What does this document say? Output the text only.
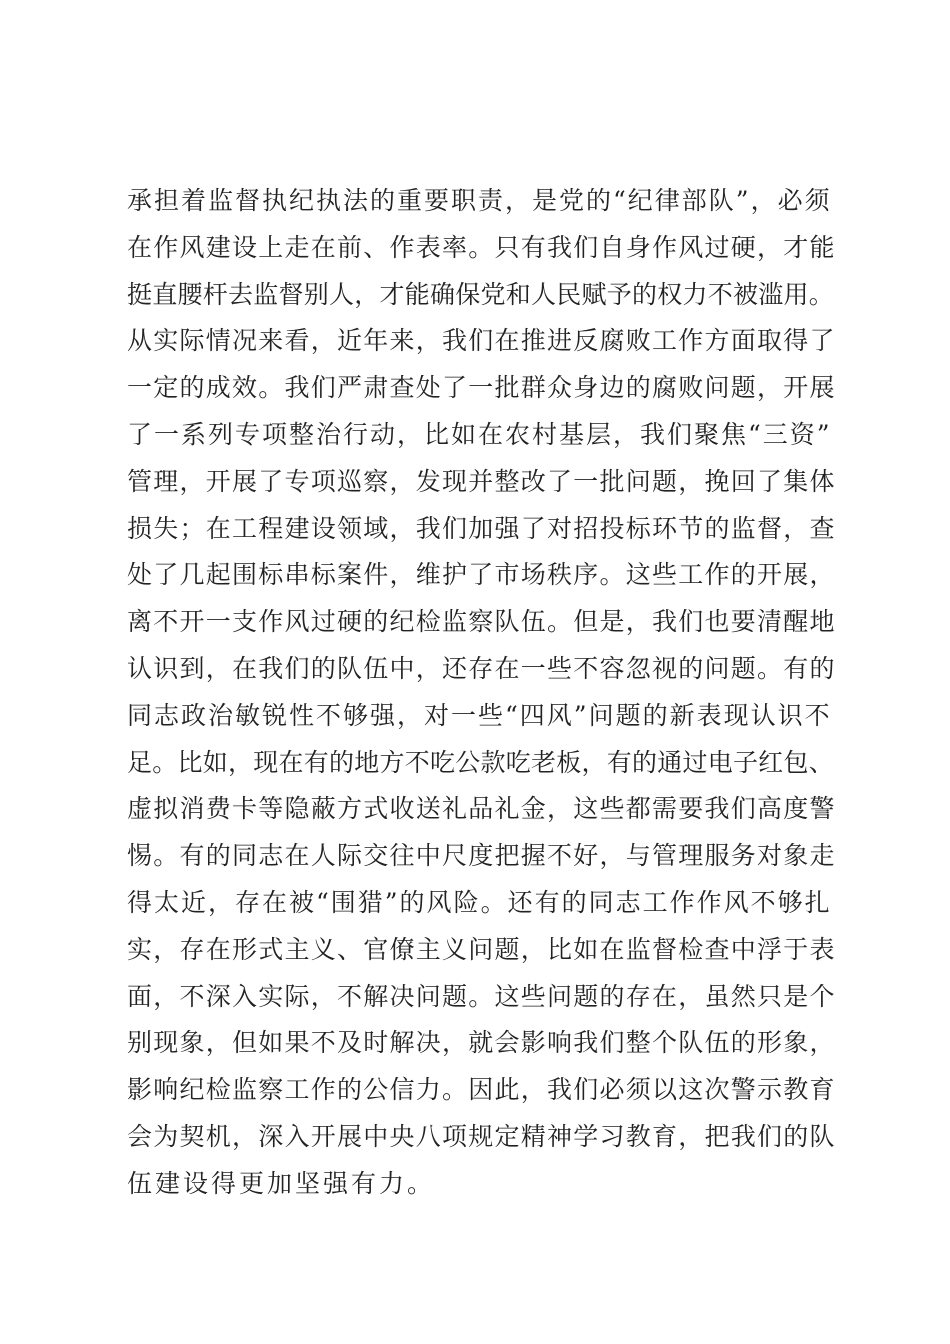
承担着监督执纪执法的重要职责，是党的“纪律部队”，必须
在作风建设上走在前、作表率。只有我们自身作风过硬，才能
挺直腰杆去监督别人，才能确保党和人民赋予的权力不被滥用。
从实际情况来看，近年来，我们在推进反腐败工作方面取得了
一定的成效。我们严肃查处了一批群众身边的腐败问题，开展
了一系列专项整治行动，比如在农村基层，我们聚焦“三资”
管理，开展了专项巡察，发现并整改了一批问题，挽回了集体
损失；在工程建设领域，我们加强了对招投标环节的监督，查
处了几起围标串标案件，维护了市场秩序。这些工作的开展，
离不开一支作风过硬的纪检监察队伍。但是，我们也要清醒地
认识到，在我们的队伍中，还存在一些不容忽视的问题。有的
同志政治敏锐性不够强，对一些“四风”问题的新表现认识不
足。比如，现在有的地方不吃公款吃老板，有的通过电子红包、
虚拟消费卡等隐蔽方式收送礼品礼金，这些都需要我们高度警
惕。有的同志在人际交往中尺度把握不好，与管理服务对象走
得太近，存在被“围猎”的风险。还有的同志工作作风不够扎
实，存在形式主义、官僚主义问题，比如在监督检查中浮于表
面，不深入实际，不解决问题。这些问题的存在，虽然只是个
别现象，但如果不及时解决，就会影响我们整个队伍的形象，
影响纪检监察工作的公信力。因此，我们必须以这次警示教育
会为契机，深入开展中央八项规定精神学习教育，把我们的队
伍建设得更加坚强有力。
